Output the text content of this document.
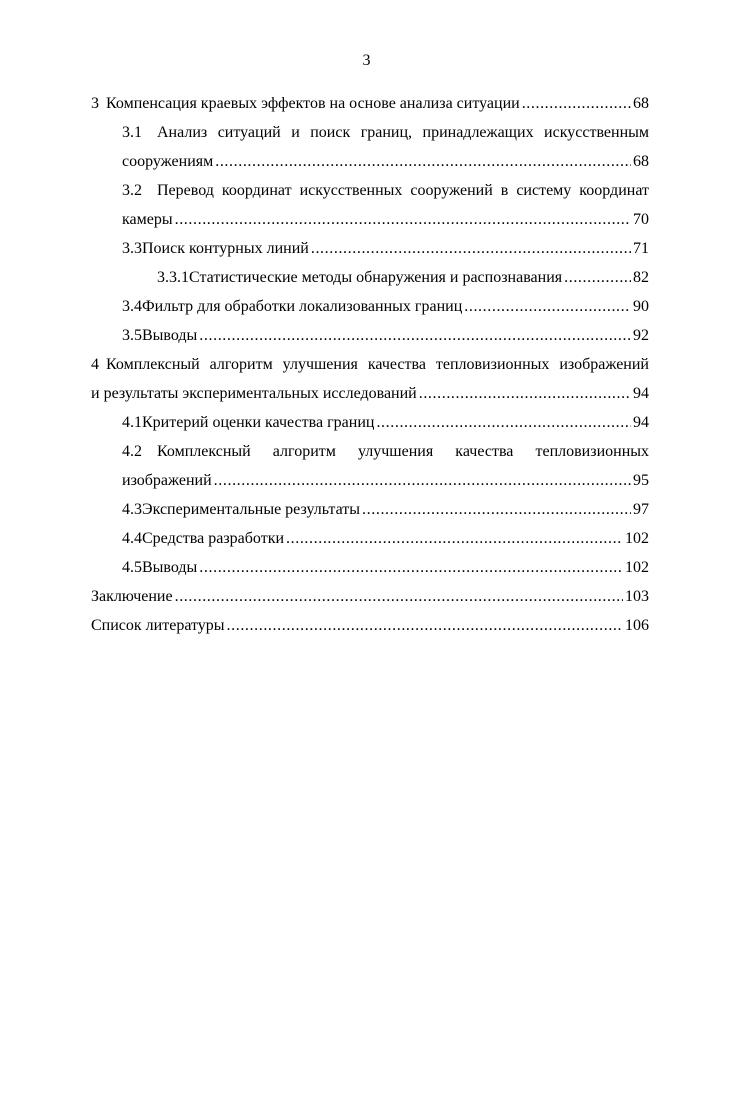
3
3 Компенсация краевых эффектов на основе анализа ситуации .....	68
3.1 Анализ ситуаций и поиск границ, принадлежащих искусственным
сооружениям .....	68
3.2 Перевод координат искусственных сооружений в систему координат
камеры .....	70
3.3 Поиск контурных линий .....	71
3.3.1 Статистические методы обнаружения и распознавания .....	82
3.4 Фильтр для обработки локализованных границ .....	90
3.5 Выводы .....	92
4 Комплексный алгоритм улучшения качества тепловизионных изображений
и результаты экспериментальных исследований .....	94
4.1 Критерий оценки качества границ .....	94
4.2 Комплексный алгоритм улучшения качества тепловизионных
изображений .....	95
4.3 Экспериментальные результаты .....	97
4.4 Средства разработки .....	102
4.5 Выводы .....	102
Заключение .....	103
Список литературы .....	106
